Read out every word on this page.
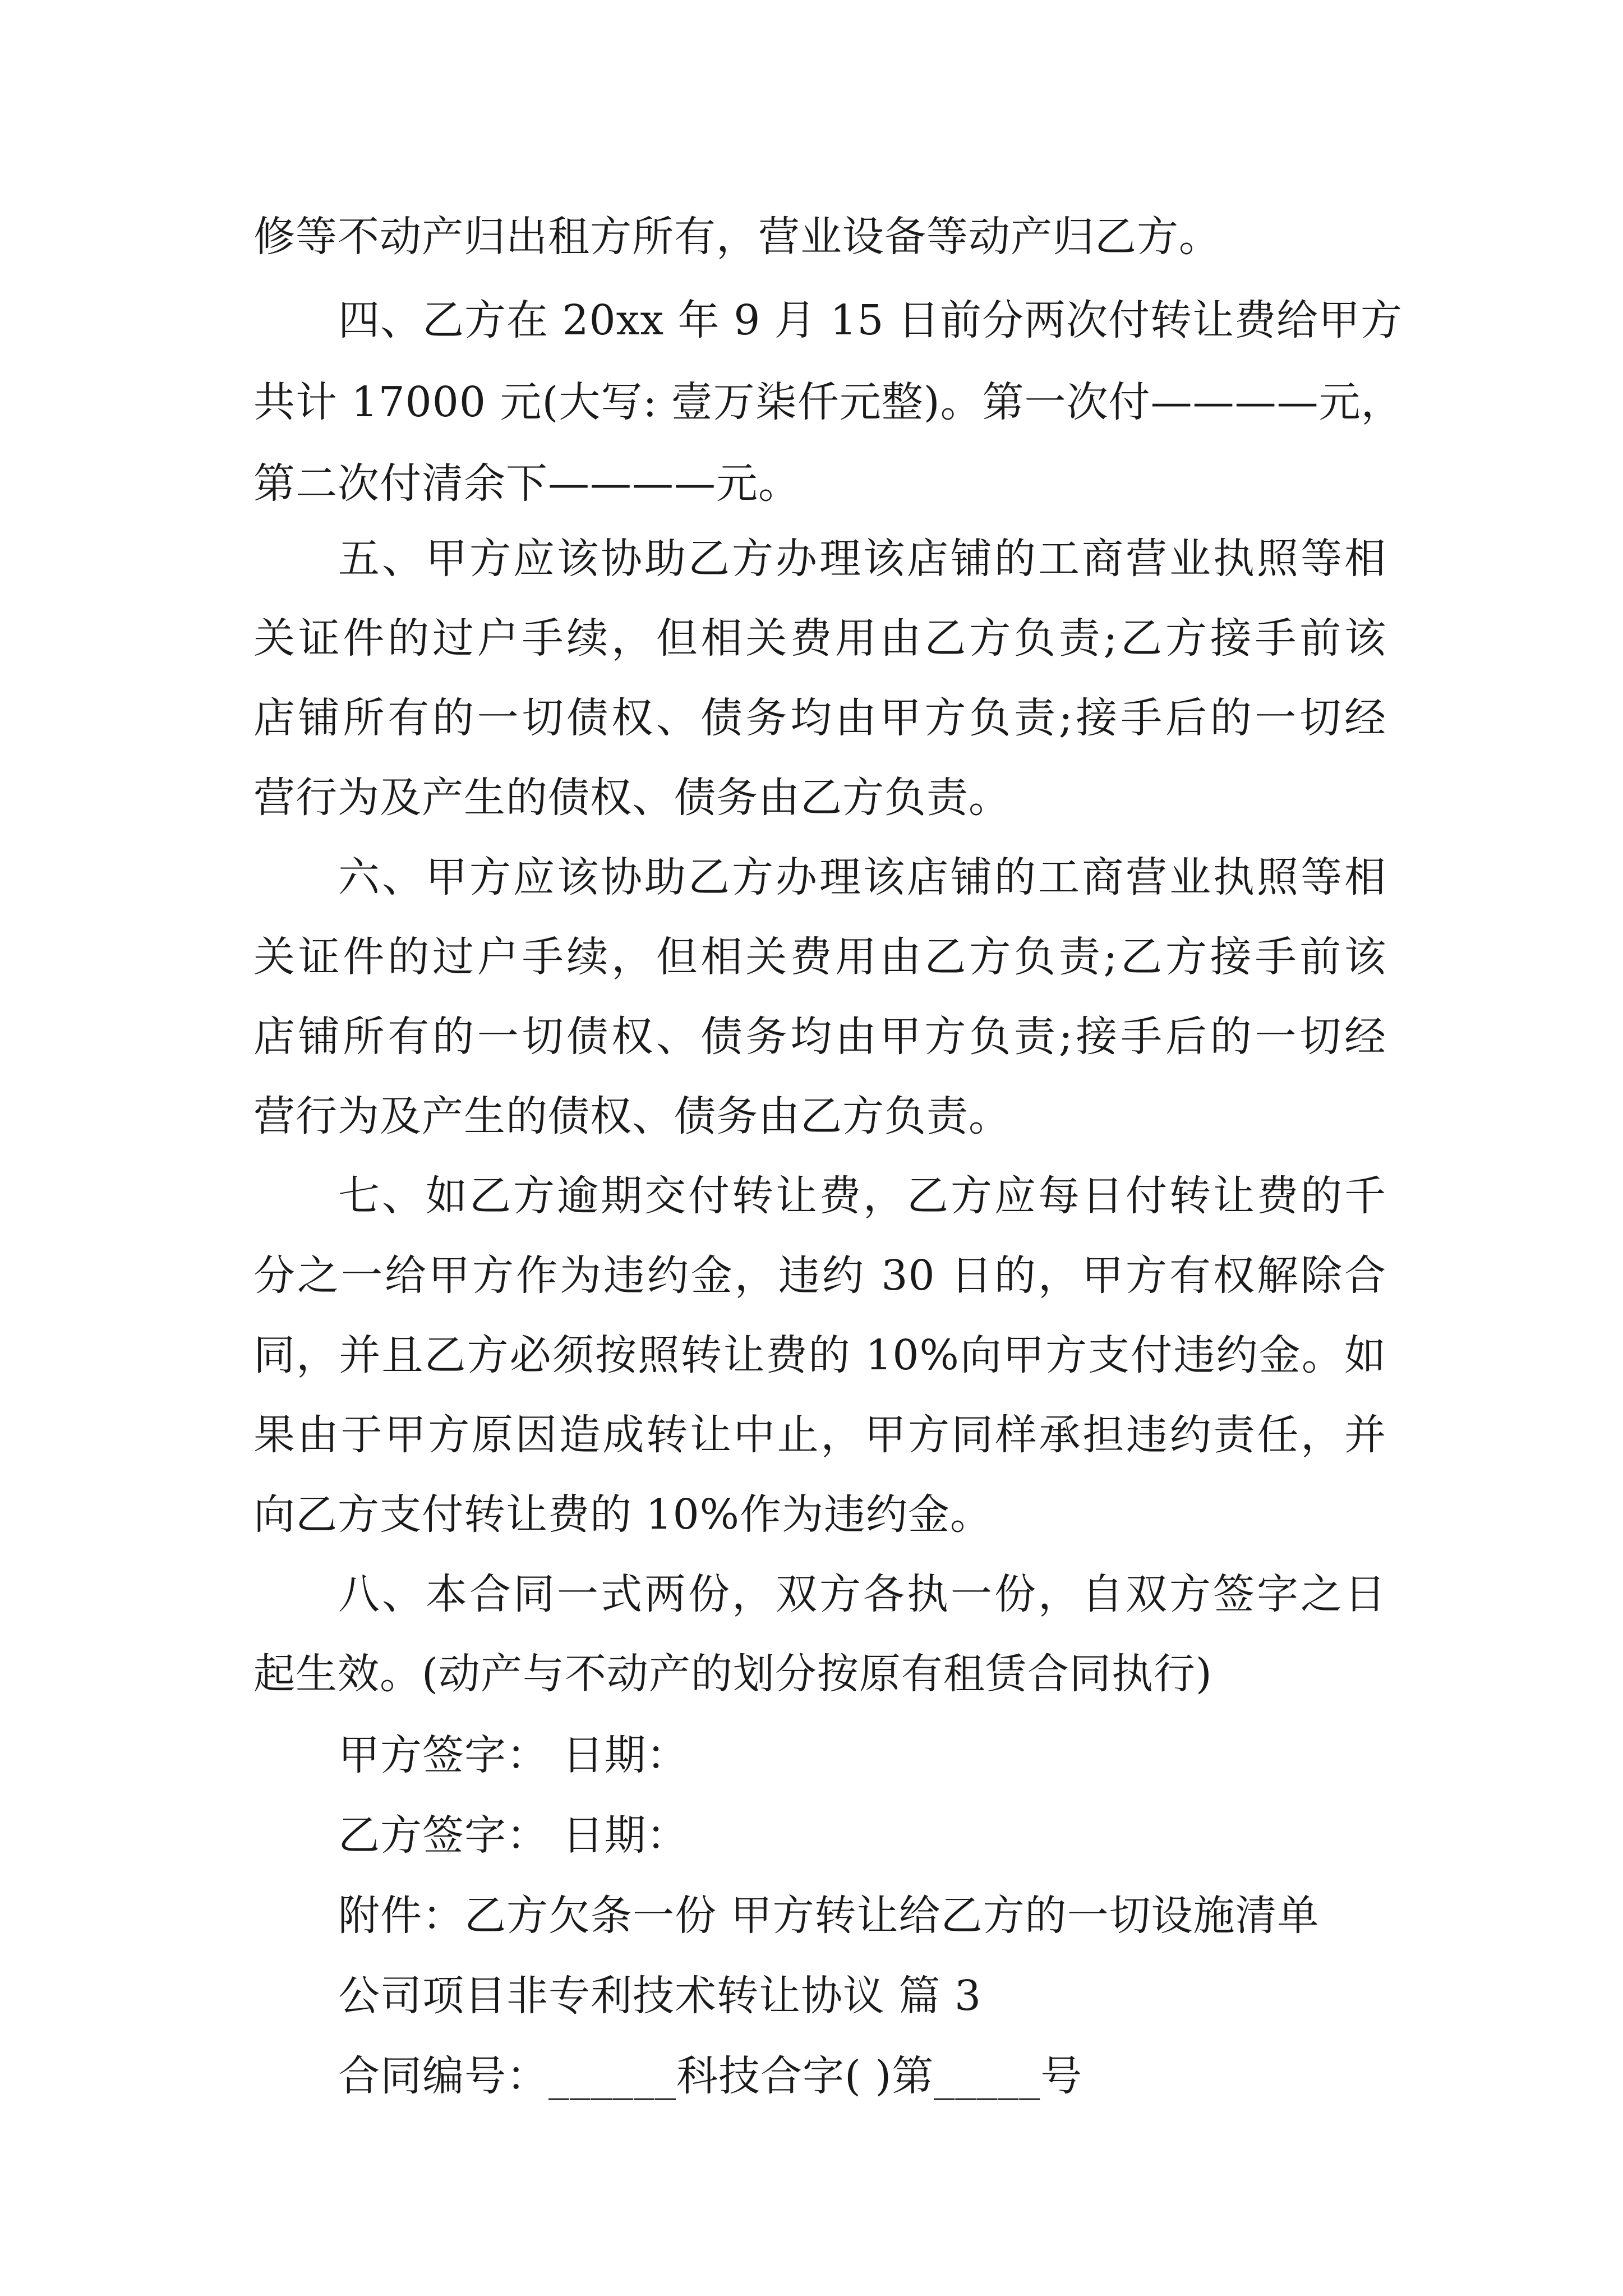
修等不动产归出租方所有，营业设备等动产归乙方。
四、乙方在 20xx 年 9 月 15 日前分两次付转让费给甲方
共计 17000 元(大写: 壹万柒仟元整)。第一次付————元，
第二次付清余下————元。
五、甲方应该协助乙方办理该店铺的工商营业执照等相
关证件的过户手续，但相关费用由乙方负责;乙方接手前该
店铺所有的一切债权、债务均由甲方负责;接手后的一切经
营行为及产生的债权、债务由乙方负责。
六、甲方应该协助乙方办理该店铺的工商营业执照等相
关证件的过户手续，但相关费用由乙方负责;乙方接手前该
店铺所有的一切债权、债务均由甲方负责;接手后的一切经
营行为及产生的债权、债务由乙方负责。
七、如乙方逾期交付转让费，乙方应每日付转让费的千
分之一给甲方作为违约金，违约 30 日的，甲方有权解除合
同，并且乙方必须按照转让费的 10%向甲方支付违约金。如
果由于甲方原因造成转让中止，甲方同样承担违约责任，并
向乙方支付转让费的 10%作为违约金。
八、本合同一式两份，双方各执一份，自双方签字之日
起生效。(动产与不动产的划分按原有租赁合同执行)
甲方签字： 日期：
乙方签字： 日期：
附件：乙方欠条一份 甲方转让给乙方的一切设施清单
公司项目非专利技术转让协议 篇 3
合同编号：______科技合字( )第_____号
